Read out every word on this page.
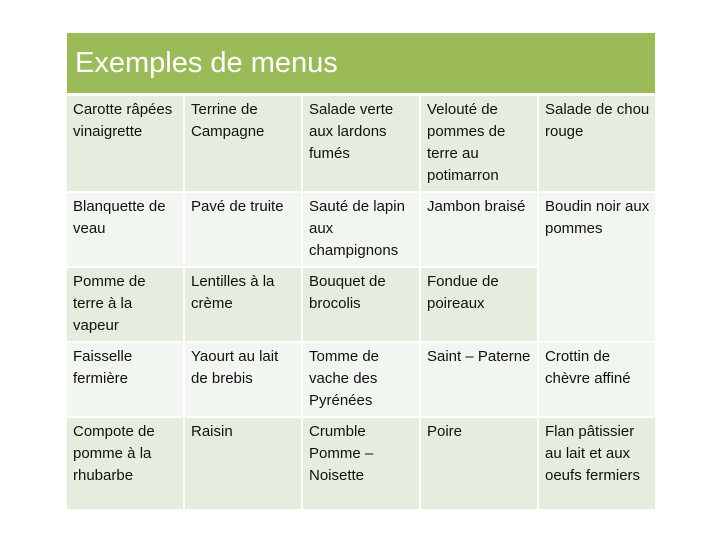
Exemples de menus				
Carotte râpées vinaigrette	Terrine de Campagne	Salade verte aux lardons fumés	Velouté de pommes de terre au potimarron	Salade de chou rouge
Blanquette de veau	Pavé de truite	Sauté de lapin aux champignons	Jambon braisé	Boudin noir aux pommes
Pomme de terre à la vapeur	Lentilles à la crème	Bouquet de brocolis	Fondue de poireaux	
Faisselle fermière	Yaourt au lait de brebis	Tomme de vache des Pyrénées	Saint – Paterne	Crottin de chèvre affiné
Compote de pomme à la rhubarbe	Raisin	Crumble Pomme – Noisette	Poire	Flan pâtissier au lait et aux oeufs fermiers
